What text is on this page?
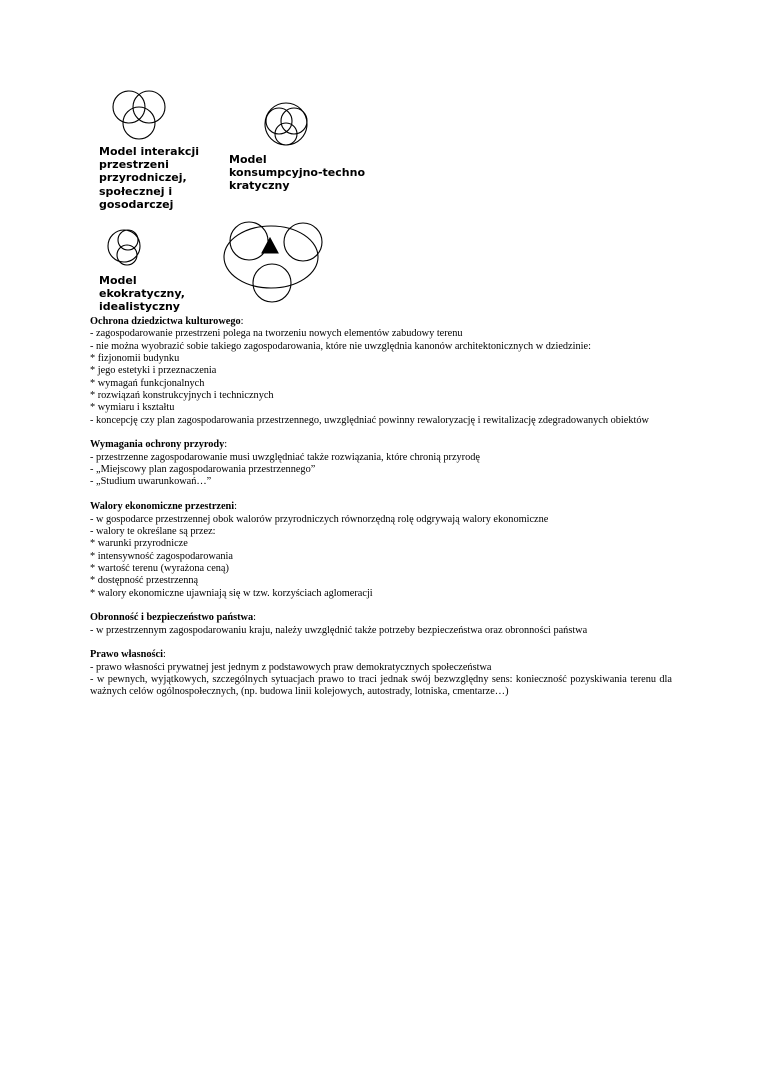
Model interakcji
przestrzeni
przyrodniczej,
społecznej i
gosodarczej
Model
konsumpcyjno-techno
kratyczny
Model
ekokratyczny,
idealistyczny
Ochrona dziedzictwa kulturowego:
- zagospodarowanie przestrzeni polega na tworzeniu nowych elementów zabudowy terenu
- nie można wyobrazić sobie takiego zagospodarowania, które nie uwzględnia kanonów architektonicznych w dziedzinie:
* fizjonomii budynku
* jego estetyki i przeznaczenia
* wymagań funkcjonalnych
* rozwiązań konstrukcyjnych i technicznych
* wymiaru i kształtu
- koncepcję czy plan zagospodarowania przestrzennego, uwzględniać powinny rewaloryzację i rewitalizację zdegradowanych obiektów
Wymagania ochrony przyrody:
- przestrzenne zagospodarowanie musi uwzględniać także rozwiązania, które chronią przyrodę
- „Miejscowy plan zagospodarowania przestrzennego”
- „Studium uwarunkowań…”
Walory ekonomiczne przestrzeni:
- w gospodarce przestrzennej obok walorów przyrodniczych równorzędną rolę odgrywają walory ekonomiczne
- walory te określane są przez:
* warunki przyrodnicze
* intensywność zagospodarowania
* wartość terenu (wyrażona ceną)
* dostępność przestrzenną
* walory ekonomiczne ujawniają się w tzw. korzyściach aglomeracji
Obronność i bezpieczeństwo państwa:
- w przestrzennym zagospodarowaniu kraju, należy uwzględnić także potrzeby bezpieczeństwa oraz obronności państwa
Prawo własności:
- prawo własności prywatnej jest jednym z podstawowych praw demokratycznych społeczeństwa
- w pewnych, wyjątkowych, szczególnych sytuacjach prawo to traci jednak swój bezwzględny sens: konieczność pozyskiwania terenu dla ważnych celów ogólnospołecznych, (np. budowa linii kolejowych, autostrady, lotniska, cmentarze…)
